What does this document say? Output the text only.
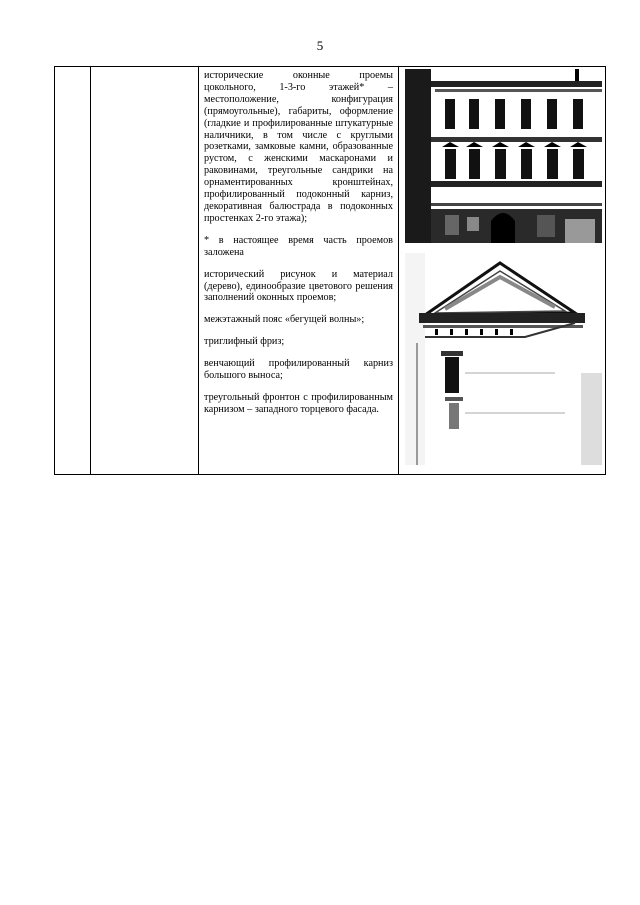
5

исторические оконные проемы цокольного, 1-3-го этажей* – местоположение, конфигурация (прямоугольные), габариты, оформление (гладкие и профилированные штукатурные наличники, в том числе с круглыми розетками, замковые камни, образованные рустом, с женскими маскаронами и раковинами, треугольные сандрики на орнаментированных кронштейнах, профилированный подоконный карниз, декоративная балюстрада в подоконных простенках 2-го этажа);

* в настоящее время часть проемов заложена

исторический рисунок и материал (дерево), единообразие цветового решения заполнений оконных проемов;

межэтажный пояс «бегущей волны»;

триглифный фриз;

венчающий профилированный карниз большого выноса;

треугольный фронтон с профилированным карнизом – западного торцевого фасада.
